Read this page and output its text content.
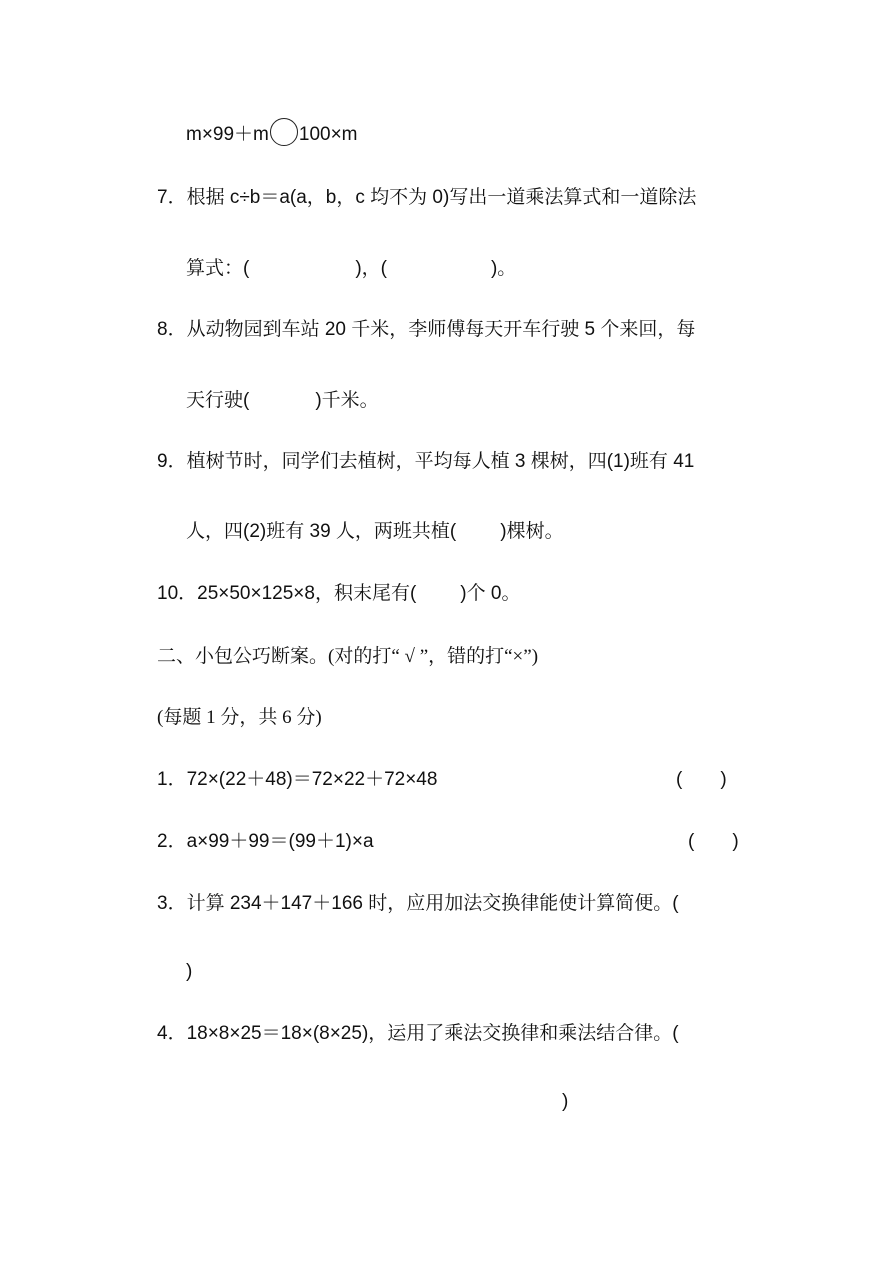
m×99＋m 100×m
7．根据 c÷b＝a(a，b，c 均不为 0)写出一道乘法算式和一道除法
算式：(	)，(	)。
8．从动物园到车站 20 千米，李师傅每天开车行驶 5 个来回，每
天行驶(	)千米。
9．植树节时，同学们去植树，平均每人植 3 棵树，四(1)班有 41
人，四(2)班有 39 人，两班共植( )棵树。
10．25×50×125×8，积末尾有( )个 0。
二、小包公巧断案。(对的打“ √ ”，错的打“×”)
(每题 1 分，共 6 分)
1．72×(22＋48)＝72×22＋72×48	(　　)
2．a×99＋99＝(99＋1)×a	(　　)
3．计算 234＋147＋166 时，应用加法交换律能使计算简便。(
)
4．18×8×25＝18×(8×25)，运用了乘法交换律和乘法结合律。(
)
